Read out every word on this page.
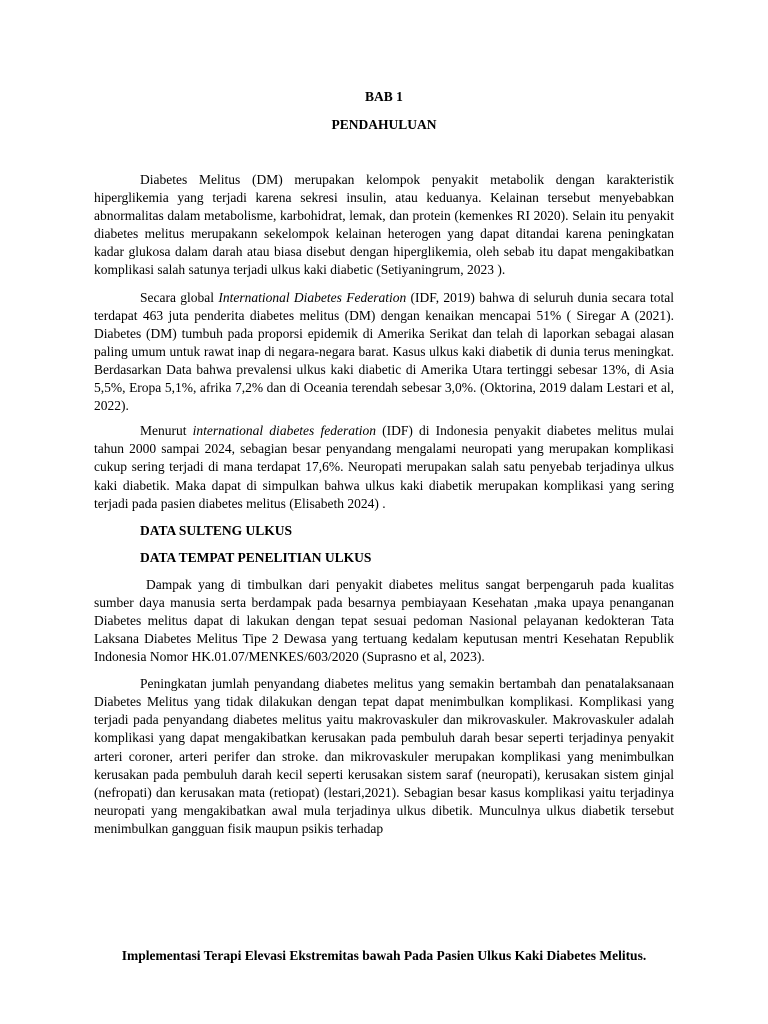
BAB 1
PENDAHULUAN

Diabetes Melitus (DM) merupakan kelompok penyakit metabolik dengan karakteristik hiperglikemia yang terjadi karena sekresi insulin, atau keduanya. Kelainan tersebut menyebabkan abnormalitas dalam metabolisme, karbohidrat, lemak, dan protein (kemenkes RI 2020). Selain itu penyakit diabetes melitus merupakann sekelompok kelainan heterogen yang dapat ditandai karena peningkatan kadar glukosa dalam darah atau biasa disebut dengan hiperglikemia, oleh sebab itu dapat mengakibatkan komplikasi salah satunya terjadi ulkus kaki diabetic (Setiyaningrum, 2023 ).

Secara global International Diabetes Federation (IDF, 2019) bahwa di seluruh dunia secara total terdapat 463 juta penderita diabetes melitus (DM) dengan kenaikan mencapai 51% ( Siregar A (2021). Diabetes (DM) tumbuh pada proporsi epidemik di Amerika Serikat dan telah di laporkan sebagai alasan paling umum untuk rawat inap di negara-negara barat. Kasus ulkus kaki diabetik di dunia terus meningkat. Berdasarkan Data bahwa prevalensi ulkus kaki diabetic di Amerika Utara tertinggi sebesar 13%, di Asia 5,5%, Eropa 5,1%, afrika 7,2% dan di Oceania terendah sebesar 3,0%. (Oktorina, 2019 dalam Lestari et al, 2022).

Menurut international diabetes federation (IDF) di Indonesia penyakit diabetes melitus mulai tahun 2000 sampai 2024, sebagian besar penyandang mengalami neuropati yang merupakan komplikasi cukup sering terjadi di mana terdapat 17,6%. Neuropati merupakan salah satu penyebab terjadinya ulkus kaki diabetik. Maka dapat di simpulkan bahwa ulkus kaki diabetik merupakan komplikasi yang sering terjadi pada pasien diabetes melitus (Elisabeth 2024) .

DATA SULTENG ULKUS
DATA TEMPAT PENELITIAN ULKUS

Dampak yang di timbulkan dari penyakit diabetes melitus sangat berpengaruh pada kualitas sumber daya manusia serta berdampak pada besarnya pembiayaan Kesehatan ,maka upaya penanganan Diabetes melitus dapat di lakukan dengan tepat sesuai pedoman Nasional pelayanan kedokteran Tata Laksana Diabetes Melitus Tipe 2 Dewasa yang tertuang kedalam keputusan mentri Kesehatan Republik Indonesia Nomor HK.01.07/MENKES/603/2020 (Suprasno et al, 2023).

Peningkatan jumlah penyandang diabetes melitus yang semakin bertambah dan penatalaksanaan Diabetes Melitus yang tidak dilakukan dengan tepat dapat menimbulkan komplikasi. Komplikasi yang terjadi pada penyandang diabetes melitus yaitu makrovaskuler dan mikrovaskuler. Makrovaskuler adalah komplikasi yang dapat mengakibatkan kerusakan pada pembuluh darah besar seperti terjadinya penyakit arteri coroner, arteri perifer dan stroke. dan mikrovaskuler merupakan komplikasi yang menimbulkan kerusakan pada pembuluh darah kecil seperti kerusakan sistem saraf (neuropati), kerusakan sistem ginjal (nefropati) dan kerusakan mata (retiopat) (lestari,2021). Sebagian besar kasus komplikasi yaitu terjadinya neuropati yang mengakibatkan awal mula terjadinya ulkus dibetik. Munculnya ulkus diabetik tersebut menimbulkan gangguan fisik maupun psikis terhadap

Implementasi Terapi Elevasi Ekstremitas bawah Pada Pasien Ulkus Kaki Diabetes Melitus.
